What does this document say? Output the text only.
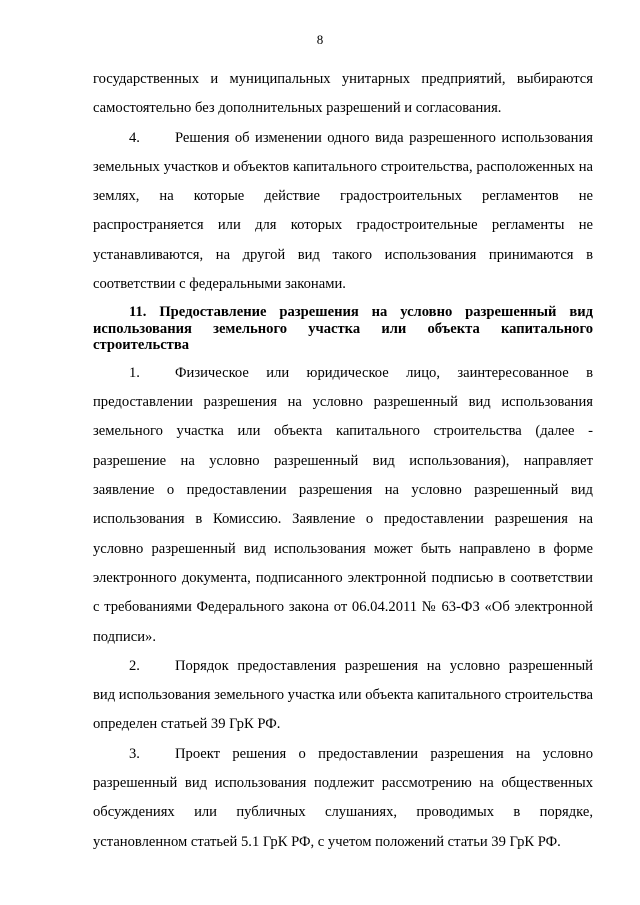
8

государственных и муниципальных унитарных предприятий, выбираются самостоятельно без дополнительных разрешений и согласования.

4. Решения об изменении одного вида разрешенного использования земельных участков и объектов капитального строительства, расположенных на землях, на которые действие градостроительных регламентов не распространяется или для которых градостроительные регламенты не устанавливаются, на другой вид такого использования принимаются в соответствии с федеральными законами.

11. Предоставление разрешения на условно разрешенный вид использования земельного участка или объекта капитального строительства

1. Физическое или юридическое лицо, заинтересованное в предоставлении разрешения на условно разрешенный вид использования земельного участка или объекта капитального строительства (далее - разрешение на условно разрешенный вид использования), направляет заявление о предоставлении разрешения на условно разрешенный вид использования в Комиссию. Заявление о предоставлении разрешения на условно разрешенный вид использования может быть направлено в форме электронного документа, подписанного электронной подписью в соответствии с требованиями Федерального закона от 06.04.2011 № 63-ФЗ «Об электронной подписи».

2. Порядок предоставления разрешения на условно разрешенный вид использования земельного участка или объекта капитального строительства определен статьей 39 ГрК РФ.

3. Проект решения о предоставлении разрешения на условно разрешенный вид использования подлежит рассмотрению на общественных обсуждениях или публичных слушаниях, проводимых в порядке, установленном статьей 5.1 ГрК РФ, с учетом положений статьи 39 ГрК РФ.
